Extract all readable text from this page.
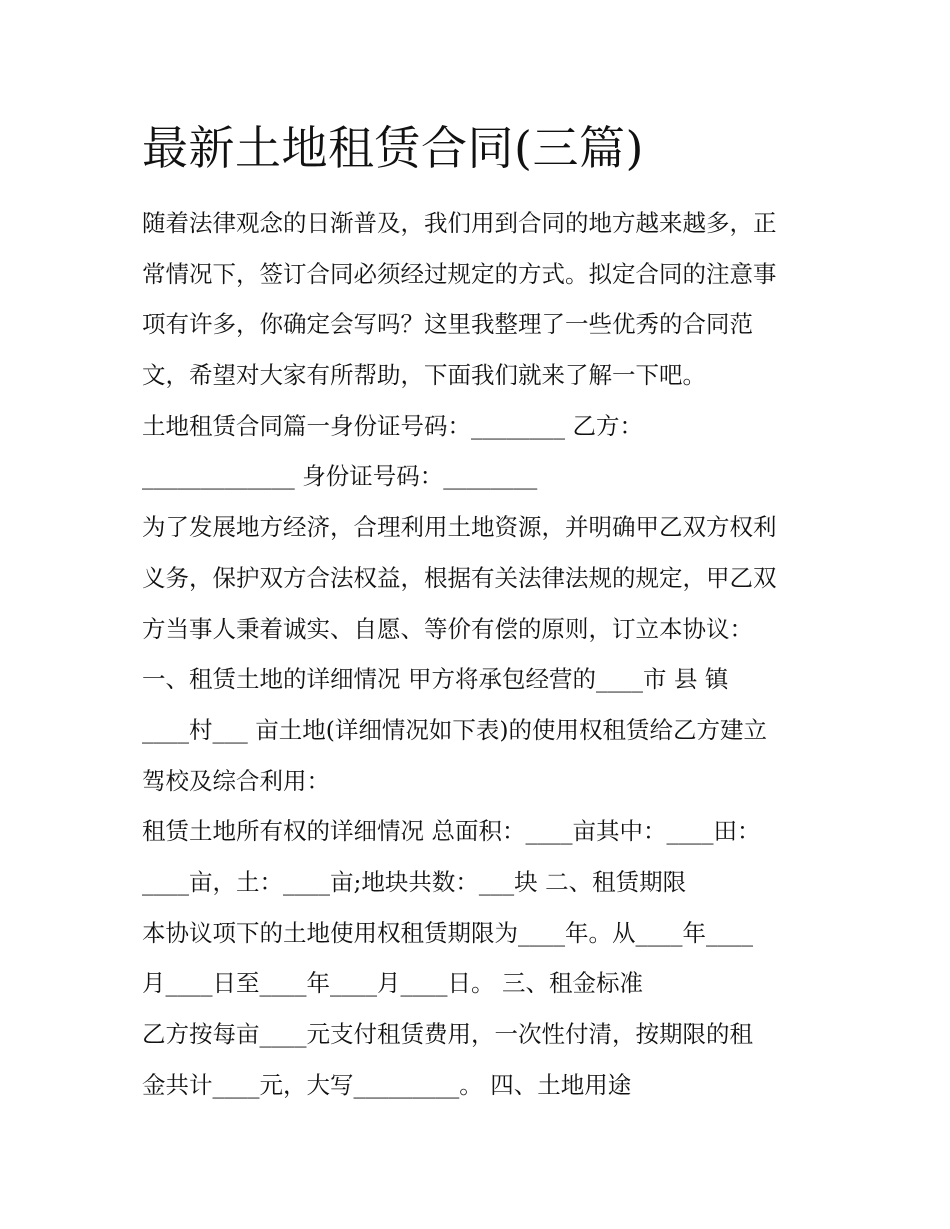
最新土地租赁合同(三篇)
随着法律观念的日渐普及，我们用到合同的地方越来越多，正
常情况下，签订合同必须经过规定的方式。拟定合同的注意事
项有许多，你确定会写吗？这里我整理了一些优秀的合同范
文，希望对大家有所帮助，下面我们就来了解一下吧。
土地租赁合同篇一身份证号码：________ 乙方：
_____________ 身份证号码：________
为了发展地方经济，合理利用土地资源，并明确甲乙双方权利
义务，保护双方合法权益，根据有关法律法规的规定，甲乙双
方当事人秉着诚实、自愿、等价有偿的原则，订立本协议：
一、租赁土地的详细情况 甲方将承包经营的____市 县 镇
____村___ 亩土地(详细情况如下表)的使用权租赁给乙方建立
驾校及综合利用：
租赁土地所有权的详细情况 总面积：____亩其中：____田：
____亩，土：____亩;地块共数：___块 二、租赁期限
本协议项下的土地使用权租赁期限为____年。从____年____
月____日至____年____月____日。 三、租金标准
乙方按每亩____元支付租赁费用，一次性付清，按期限的租
金共计____元，大写_________。 四、土地用途
